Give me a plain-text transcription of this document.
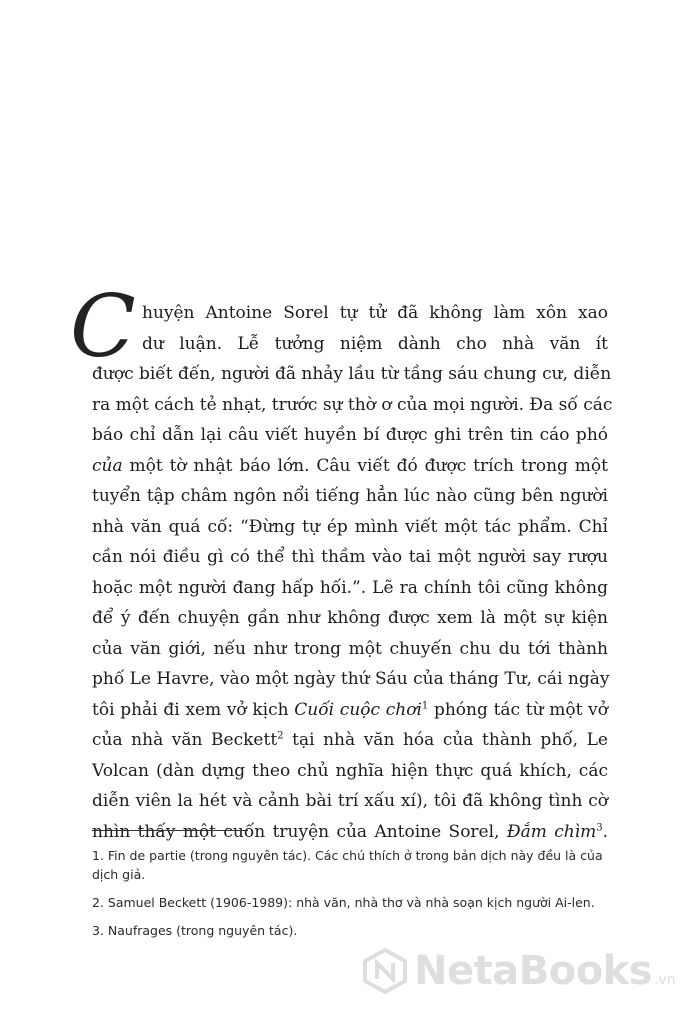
C huyện Antoine Sorel tự tử đã không làm xôn xao
dư luận. Lễ tưởng niệm dành cho nhà văn ít
được biết đến, người đã nhảy lầu từ tầng sáu chung cư, diễn
ra một cách tẻ nhạt, trước sự thờ ơ của mọi người. Đa số các
báo chỉ dẫn lại câu viết huyền bí được ghi trên tin cáo phó
của một tờ nhật báo lớn. Câu viết đó được trích trong một
tuyển tập châm ngôn nổi tiếng hẳn lúc nào cũng bên người
nhà văn quá cố: “Đừng tự ép mình viết một tác phẩm. Chỉ
cần nói điều gì có thể thì thầm vào tai một người say rượu
hoặc một người đang hấp hối.”. Lẽ ra chính tôi cũng không
để ý đến chuyện gần như không được xem là một sự kiện
của văn giới, nếu như trong một chuyến chu du tới thành
phố Le Havre, vào một ngày thứ Sáu của tháng Tư, cái ngày
tôi phải đi xem vở kịch Cuối cuộc chơi$^1$ phóng tác từ một vở
của nhà văn Beckett$^2$ tại nhà văn hóa của thành phố, Le
Volcan (dàn dựng theo chủ nghĩa hiện thực quá khích, các
diễn viên la hét và cảnh bài trí xấu xí), tôi đã không tình cờ
nhìn thấy một cuốn truyện của Antoine Sorel, Đắm chìm$^3$.

1. Fin de partie (trong nguyên tác). Các chú thích ở trong bản dịch này đều là của dịch giả.

2. Samuel Beckett (1906-1989): nhà văn, nhà thơ và nhà soạn kịch người Ai-len.

3. Naufrages (trong nguyên tác).

NetaBooks .vn
